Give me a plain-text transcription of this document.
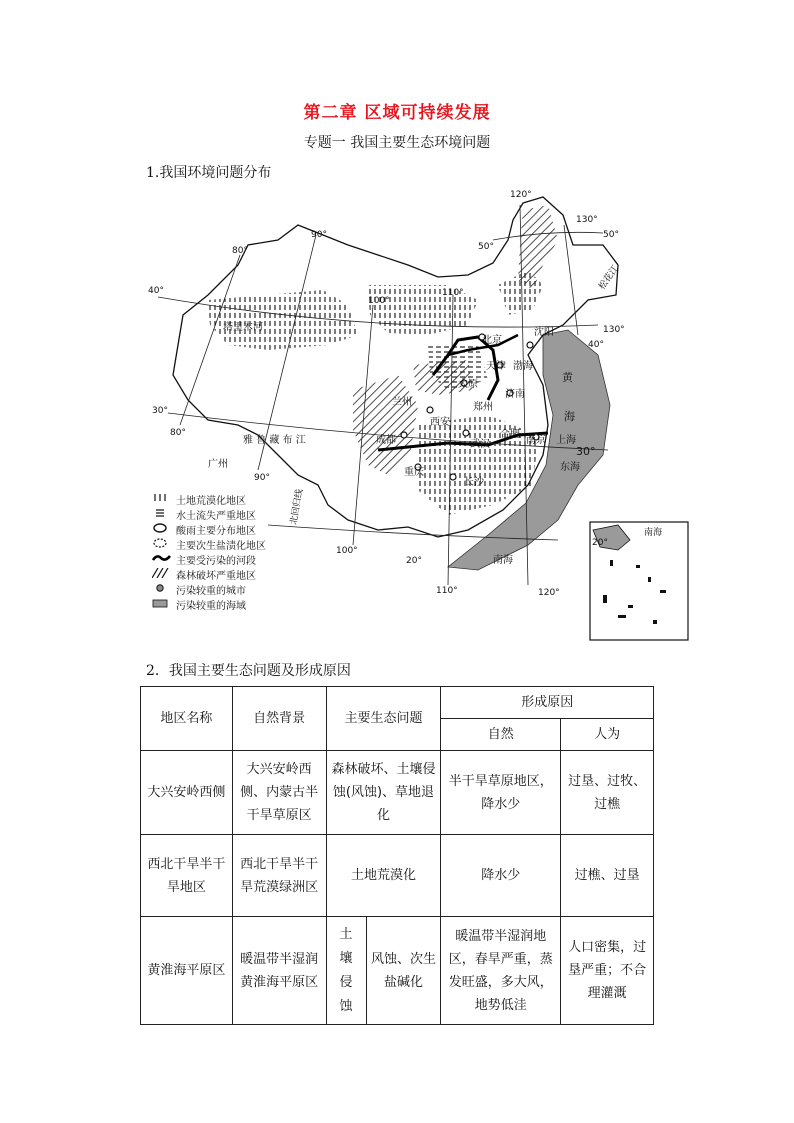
第二章 区域可持续发展
专题一 我国主要生态环境问题
1.我国环境问题分布
120°
130°
90°
80°
100°
110°
130°
80°
90°
100°
110°	120°
50°
50°
40°
40°
30°
30°
20°
20°
北京
沈阳
天津 渤海
太原
济南
兰州	郑州
西安
成都
合肥
南京 上海
武汉
重庆
长沙
广州
黄
海
东海
南海
塔里木河
雅 鲁 藏 布 江
北回归线
松花江
南海
土地荒漠化地区
水土流失严重地区
酸雨主要分布地区
主要次生盐渍化地区
主要受污染的河段
森林破坏严重地区
污染较重的城市
污染较重的海域
2．我国主要生态问题及形成原因
地区名称	自然背景	主要生态问题		形成原因	
				自然	人为
大兴安岭西侧	大兴安岭西侧、内蒙古半干旱草原区	森林破坏、土壤侵蚀(风蚀)、草地退化		半干旱草原地区，降水少	过垦、过牧、过樵
西北干旱半干旱地区	西北干旱半干旱荒漠绿洲区	土地荒漠化		降水少	过樵、过垦
黄淮海平原区	暖温带半湿润黄淮海平原区	土壤侵蚀	风蚀、次生盐碱化	暖温带半湿润地区，春旱严重，蒸发旺盛，多大风，地势低洼	人口密集，过垦严重；不合理灌溉
